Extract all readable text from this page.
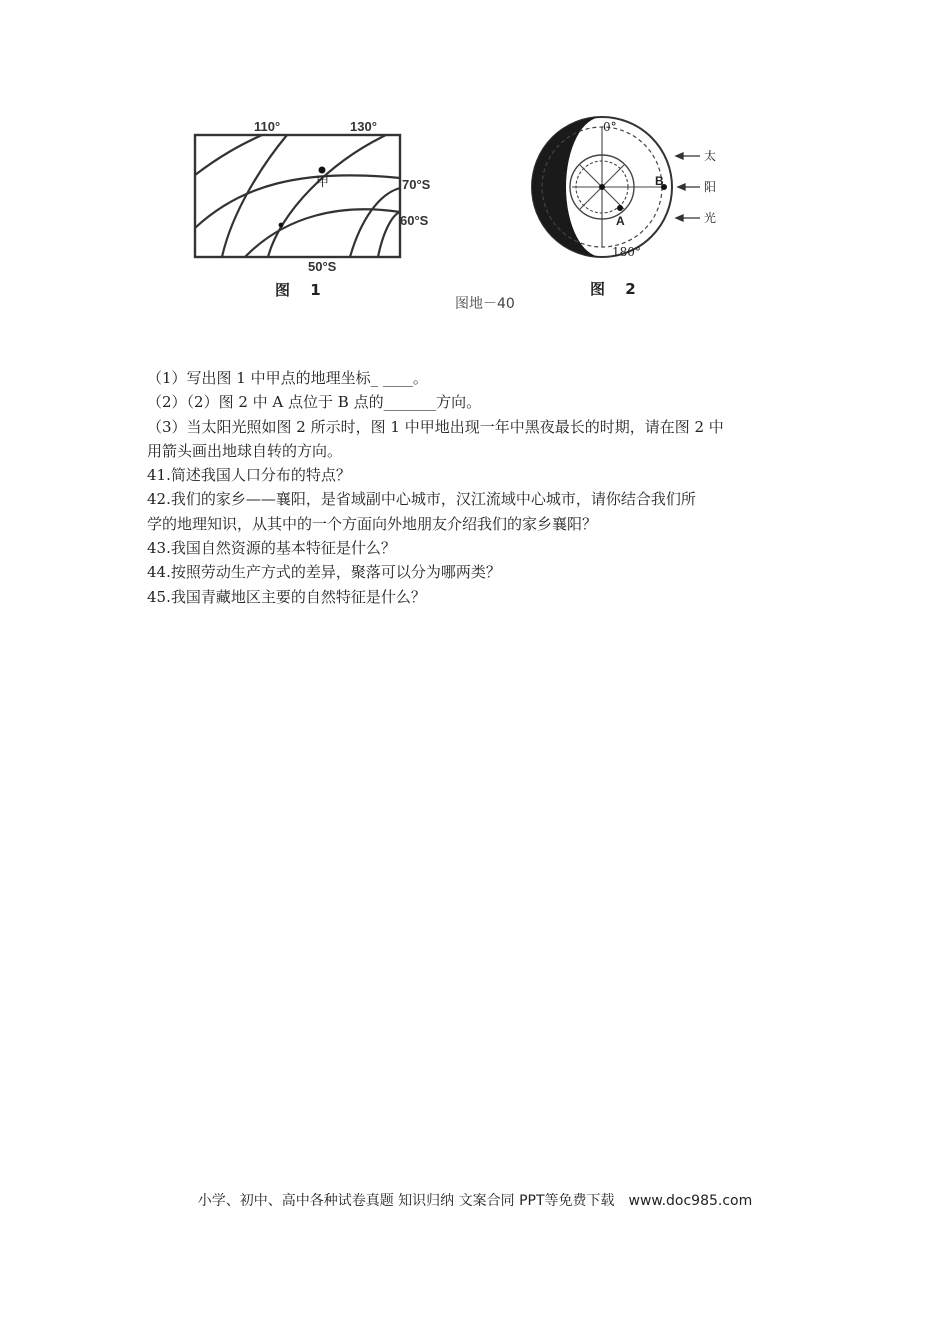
110°	130°
70°S
60°S
50°S
甲
图　 1
0°
180°
B
A
太
阳
光
图　 2
图地－40

（1）写出图 1 中甲点的地理坐标_ ____。

（2）（2）图 2 中 A 点位于 B 点的_______方向。

（3）当太阳光照如图 2 所示时，图 1 中甲地出现一年中黑夜最长的时期，请在图 2 中

用箭头画出地球自转的方向。

41.简述我国人口分布的特点？

42.我们的家乡——襄阳，是省域副中心城市，汉江流域中心城市，请你结合我们所

学的地理知识，从其中的一个方面向外地朋友介绍我们的家乡襄阳？

43.我国自然资源的基本特征是什么？

44.按照劳动生产方式的差异，聚落可以分为哪两类？

45.我国青藏地区主要的自然特征是什么？

小学、初中、高中各种试卷真题 知识归纳 文案合同 PPT等免费下载　www.doc985.com
